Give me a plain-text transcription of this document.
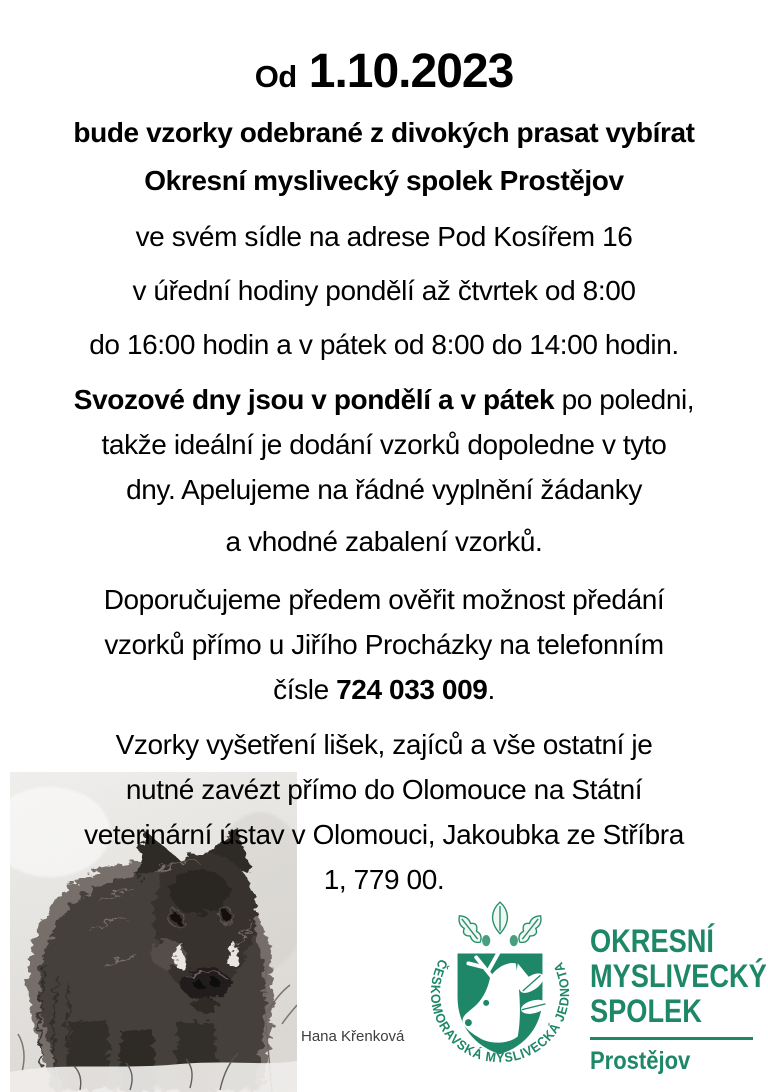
Od 1.10.2023
bude vzorky odebrané z divokých prasat vybírat
Okresní myslivecký spolek Prostějov
ve svém sídle na adrese Pod Kosířem 16
v úřední hodiny pondělí až čtvrtek od 8:00
do 16:00 hodin a v pátek od 8:00 do 14:00 hodin.
Svozové dny jsou v pondělí a v pátek po poledni,
takže ideální je dodání vzorků dopoledne v tyto
dny. Apelujeme na řádné vyplnění žádanky
a vhodné zabalení vzorků.
Doporučujeme předem ověřit možnost předání
vzorků přímo u Jiřího Procházky na telefonním
čísle 724 033 009.
Vzorky vyšetření lišek, zajíců a vše ostatní je
nutné zavézt přímo do Olomouce na Státní
veterinární ústav v Olomouci, Jakoubka ze Stříbra
1, 779 00.
Hana Křenková
ČESKOMORAVSKÁ MYSLIVECKÁ JEDNOTA
OKRESNÍ
MYSLIVECKÝ
SPOLEK
Prostějov
